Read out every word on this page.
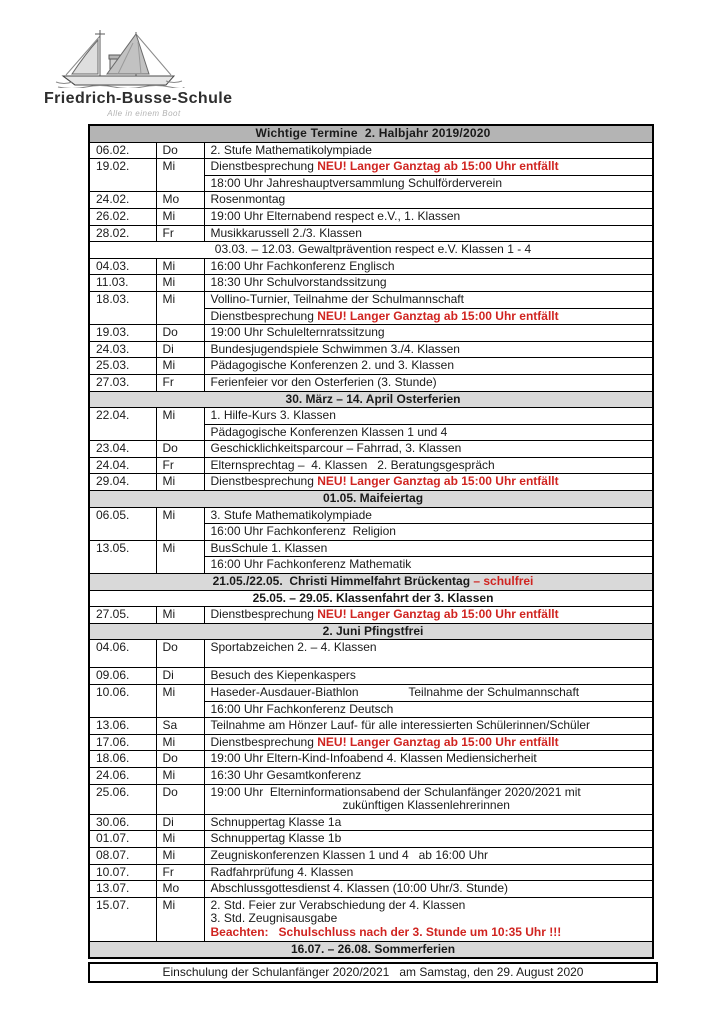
Friedrich-Busse-Schule
Alle in einem Boot
Wichtige Termine  2. Halbjahr 2019/2020		
06.02.	Do	2. Stufe Mathematikolympiade

19.02.	Mi	Dienstbesprechung NEU! Langer Ganztag ab 15:00 Uhr entfällt

		18:00 Uhr Jahreshauptversammlung Schulförderverein

24.02.	Mo	Rosenmontag

26.02.	Mi	19:00 Uhr Elternabend respect e.V., 1. Klassen

28.02.	Fr	Musikkarussell 2./3. Klassen

03.03. – 12.03. Gewaltprävention respect e.V. Klassen 1 - 4		
04.03.	Mi	16:00 Uhr Fachkonferenz Englisch

11.03.	Mi	18:30 Uhr Schulvorstandssitzung

18.03.	Mi	Vollino-Turnier, Teilnahme der Schulmannschaft

		Dienstbesprechung NEU! Langer Ganztag ab 15:00 Uhr entfällt

19.03.	Do	19:00 Uhr Schulelternratssitzung

24.03.	Di	Bundesjugendspiele Schwimmen 3./4. Klassen

25.03.	Mi	Pädagogische Konferenzen 2. und 3. Klassen

27.03.	Fr	Ferienfeier vor den Osterferien (3. Stunde)

30. März – 14. April Osterferien		
22.04.	Mi	1. Hilfe-Kurs 3. Klassen

		Pädagogische Konferenzen Klassen 1 und 4

23.04.	Do	Geschicklichkeitsparcour – Fahrrad, 3. Klassen

24.04.	Fr	Elternsprechtag –  4. Klassen   2. Beratungsgespräch

29.04.	Mi	Dienstbesprechung NEU! Langer Ganztag ab 15:00 Uhr entfällt

01.05. Maifeiertag		
06.05.	Mi	3. Stufe Mathematikolympiade

		16:00 Uhr Fachkonferenz  Religion

13.05.	Mi	BusSchule 1. Klassen

		16:00 Uhr Fachkonferenz Mathematik

21.05./22.05.  Christi Himmelfahrt Brückentag – schulfrei		
25.05. – 29.05. Klassenfahrt der 3. Klassen		
27.05.	Mi	Dienstbesprechung NEU! Langer Ganztag ab 15:00 Uhr entfällt

2. Juni Pfingstfrei		
04.06.	Do	Sportabzeichen 2. – 4. Klassen

09.06.	Di	Besuch des Kiepenkaspers

10.06.	Mi	Haseder-Ausdauer-Biathlon               Teilnahme der Schulmannschaft

		16:00 Uhr Fachkonferenz Deutsch

13.06.	Sa	Teilnahme am Hönzer Lauf- für alle interessierten Schülerinnen/Schüler

17.06.	Mi	Dienstbesprechung NEU! Langer Ganztag ab 15:00 Uhr entfällt

18.06.	Do	19:00 Uhr Eltern-Kind-Infoabend 4. Klassen Mediensicherheit

24.06.	Mi	16:30 Uhr Gesamtkonferenz

25.06.	Do	19:00 Uhr  Elterninformationsabend der Schulanfänger 2020/2021 mit
zukünftigen Klassenlehrerinnen

30.06.	Di	Schnuppertag Klasse 1a

01.07.	Mi	Schnuppertag Klasse 1b

08.07.	Mi	Zeugniskonferenzen Klassen 1 und 4   ab 16:00 Uhr

10.07.	Fr	Radfahrprüfung 4. Klassen

13.07.	Mo	Abschlussgottesdienst 4. Klassen (10:00 Uhr/3. Stunde)

15.07.	Mi	2. Std. Feier zur Verabschiedung der 4. Klassen
3. Std. Zeugnisausgabe
Beachten:   Schulschluss nach der 3. Stunde um 10:35 Uhr !!!

16.07. – 26.08. Sommerferien		
Einschulung der Schulanfänger 2020/2021   am Samstag, den 29. August 2020
